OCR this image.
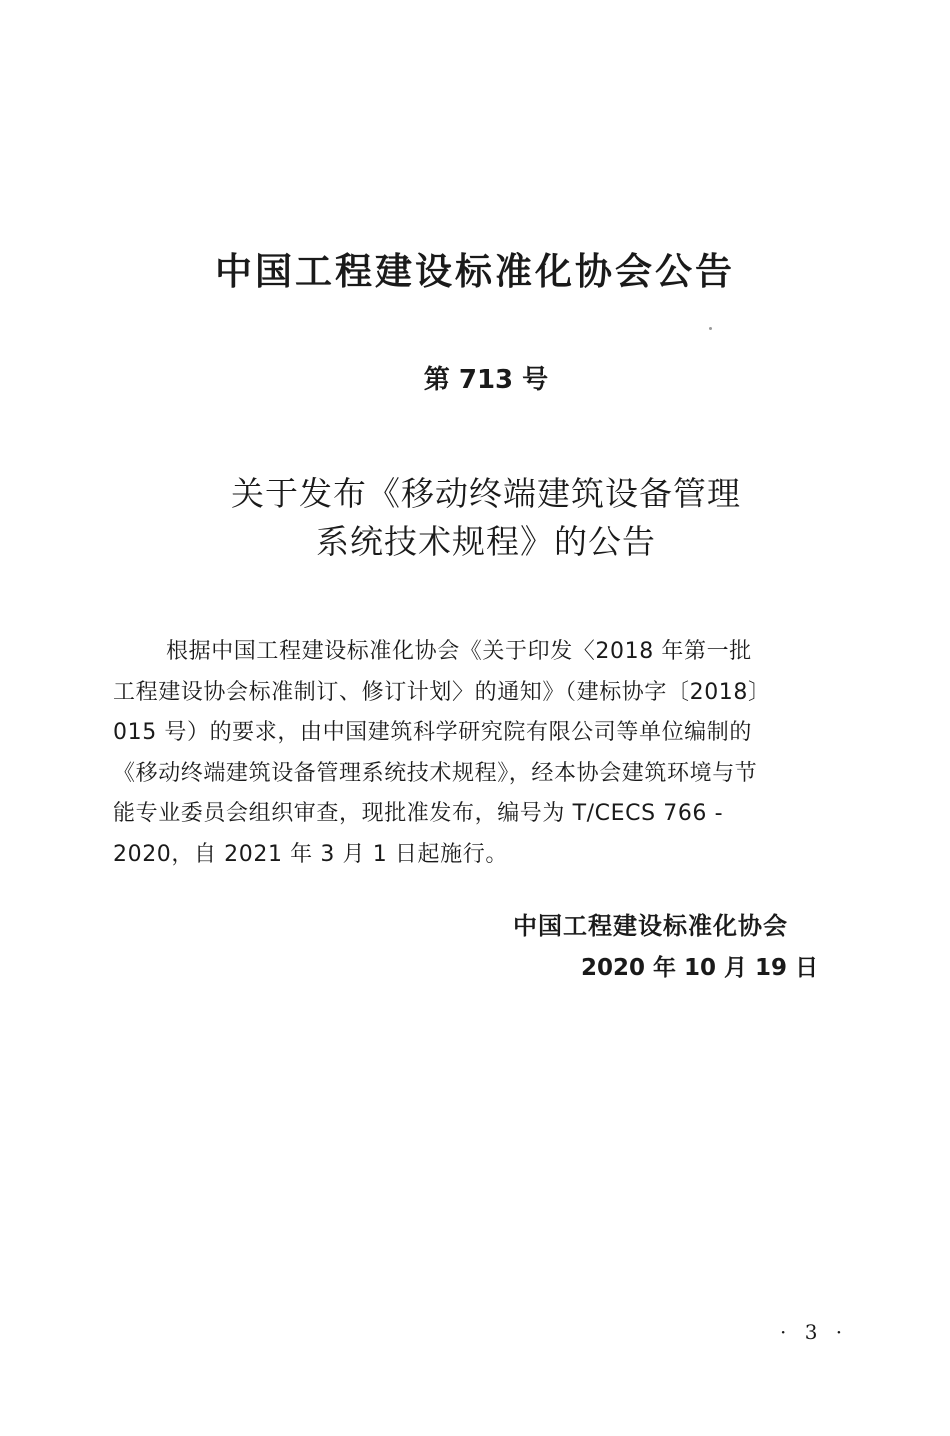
中国工程建设标准化协会公告
第 713 号
关于发布《移动终端建筑设备管理
系统技术规程》的公告
根据中国工程建设标准化协会《关于印发〈2018 年第一批
工程建设协会标准制订、修订计划〉的通知》（建标协字〔2018〕
015 号）的要求，由中国建筑科学研究院有限公司等单位编制的
《移动终端建筑设备管理系统技术规程》，经本协会建筑环境与节
能专业委员会组织审查，现批准发布，编号为 T/CECS 766 -
2020，自 2021 年 3 月 1 日起施行。
中国工程建设标准化协会
2020 年 10 月 19 日
· 3 ·
